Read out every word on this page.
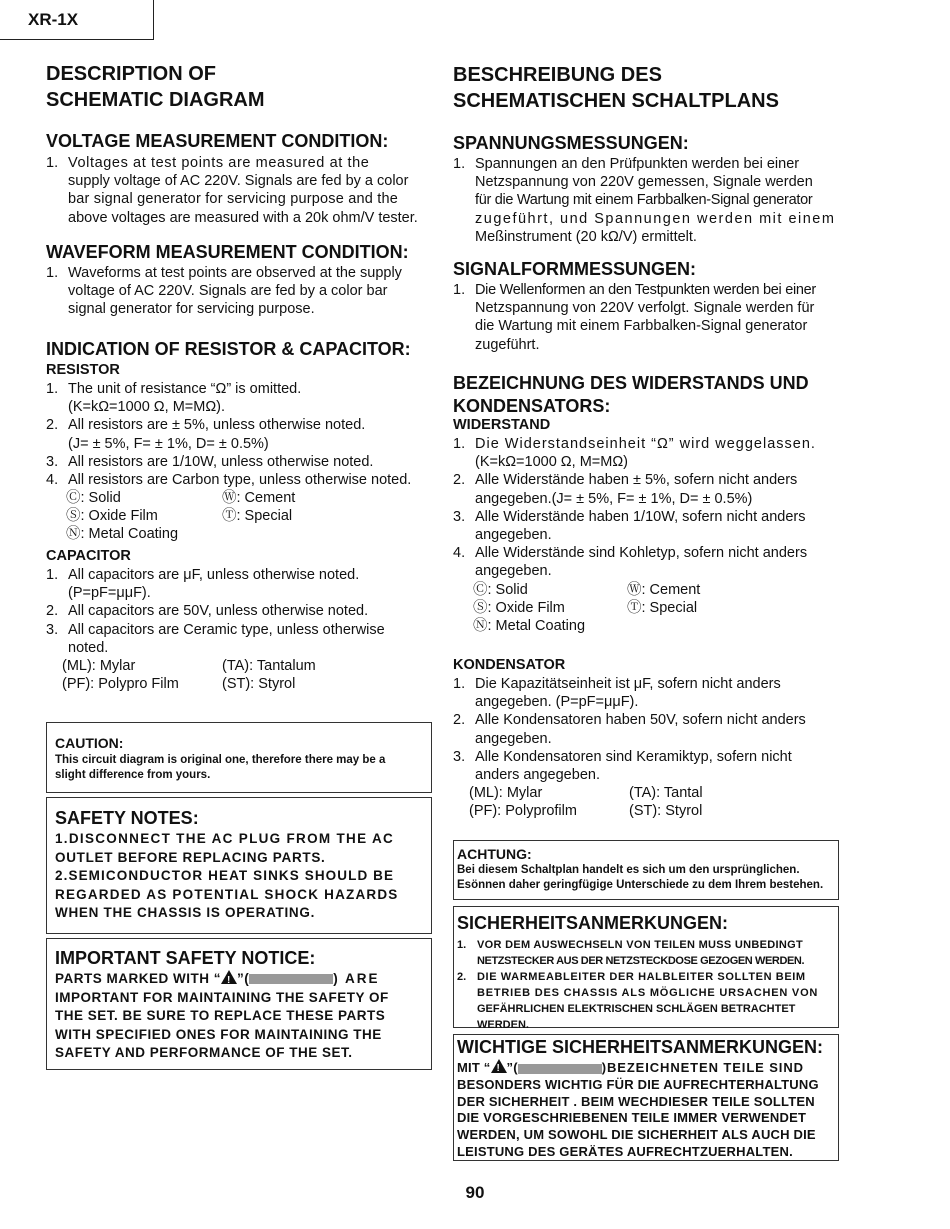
XR-1X
DESCRIPTION OF
SCHEMATIC DIAGRAM
VOLTAGE MEASUREMENT CONDITION:
1. Voltages at test points are measured at the
supply voltage of AC 220V. Signals are fed by a color
bar signal generator for servicing purpose and the
above voltages are measured with a 20k ohm/V tester.
WAVEFORM MEASUREMENT CONDITION:
1. Waveforms at test points are observed at the supply
voltage of AC 220V. Signals are fed by a color bar
signal generator for servicing purpose.
INDICATION OF RESISTOR & CAPACITOR:
RESISTOR
1. The unit of resistance “Ω” is omitted.
(K=kΩ=1000 Ω, M=MΩ).
2. All resistors are ± 5%, unless otherwise noted.
(J= ± 5%, F= ± 1%, D= ± 0.5%)
3. All resistors are 1/10W, unless otherwise noted.
4. All resistors are Carbon type, unless otherwise noted.
Ⓒ: Solid	Ⓦ: Cement
Ⓢ: Oxide Film	Ⓣ: Special
Ⓝ: Metal Coating
CAPACITOR
1. All capacitors are μF, unless otherwise noted.
(P=pF=μμF).
2. All capacitors are 50V, unless otherwise noted.
3. All capacitors are Ceramic type, unless otherwise
noted.
(ML): Mylar	(TA): Tantalum
(PF): Polypro Film	(ST): Styrol
CAUTION:
This circuit diagram is original one, therefore there may be a
slight difference from yours.
SAFETY NOTES:
1.DISCONNECT THE AC PLUG FROM THE AC
OUTLET BEFORE REPLACING PARTS.
2.SEMICONDUCTOR HEAT SINKS SHOULD BE
REGARDED AS POTENTIAL SHOCK HAZARDS
WHEN THE CHASSIS IS OPERATING.
IMPORTANT SAFETY NOTICE:
PARTS MARKED WITH “ ! ”(	) ARE
IMPORTANT FOR MAINTAINING THE SAFETY OF
THE SET. BE SURE TO REPLACE THESE PARTS
WITH SPECIFIED ONES FOR MAINTAINING THE
SAFETY AND PERFORMANCE OF THE SET.
BESCHREIBUNG DES
SCHEMATISCHEN SCHALTPLANS
SPANNUNGSMESSUNGEN:
1. Spannungen an den Prüfpunkten werden bei einer
Netzspannung von 220V gemessen, Signale werden
für die Wartung mit einem Farbbalken-Signal generator
zugeführt, und Spannungen werden mit einem
Meßinstrument (20 kΩ/V) ermittelt.
SIGNALFORMMESSUNGEN:
1. Die Wellenformen an den Testpunkten werden bei einer
Netzspannung von 220V verfolgt. Signale werden für
die Wartung mit einem Farbbalken-Signal generator
zugeführt.
BEZEICHNUNG DES WIDERSTANDS UND
KONDENSATORS:
WIDERSTAND
1. Die Widerstandseinheit “Ω” wird weggelassen.
(K=kΩ=1000 Ω, M=MΩ)
2. Alle Widerstände haben ± 5%, sofern nicht anders
angegeben.(J= ± 5%, F= ± 1%, D= ± 0.5%)
3. Alle Widerstände haben 1/10W, sofern nicht anders
angegeben.
4. Alle Widerstände sind Kohletyp, sofern nicht anders
angegeben.
Ⓒ: Solid	Ⓦ: Cement
Ⓢ: Oxide Film	Ⓣ: Special
Ⓝ: Metal Coating
KONDENSATOR
1. Die Kapazitätseinheit ist μF, sofern nicht anders
angegeben. (P=pF=μμF).
2. Alle Kondensatoren haben 50V, sofern nicht anders
angegeben.
3. Alle Kondensatoren sind Keramiktyp, sofern nicht
anders angegeben.
(ML): Mylar	(TA): Tantal
(PF): Polyprofilm	(ST): Styrol
ACHTUNG:
Bei diesem Schaltplan handelt es sich um den ursprünglichen.
Esönnen daher geringfügige Unterschiede zu dem Ihrem bestehen.
SICHERHEITSANMERKUNGEN:
1. VOR DEM AUSWECHSELN VON TEILEN MUSS UNBEDINGT
NETZSTECKER AUS DER NETZSTECKDOSE GEZOGEN WERDEN.
2. DIE WARMEABLEITER DER HALBLEITER SOLLTEN BEIM
BETRIEB DES CHASSIS ALS MÖGLICHE URSACHEN VON
GEFÄHRLICHEN ELEKTRISCHEN SCHLÄGEN BETRACHTET
WERDEN.
WICHTIGE SICHERHEITSANMERKUNGEN:
MIT “ ! ”(	)BEZEICHNETEN TEILE SIND
BESONDERS WICHTIG FÜR DIE AUFRECHTERHALTUNG
DER SICHERHEIT . BEIM WECHDIESER TEILE SOLLTEN
DIE VORGESCHRIEBENEN TEILE IMMER VERWENDET
WERDEN, UM SOWOHL DIE SICHERHEIT ALS AUCH DIE
LEISTUNG DES GERÄTES AUFRECHTZUERHALTEN.
90
